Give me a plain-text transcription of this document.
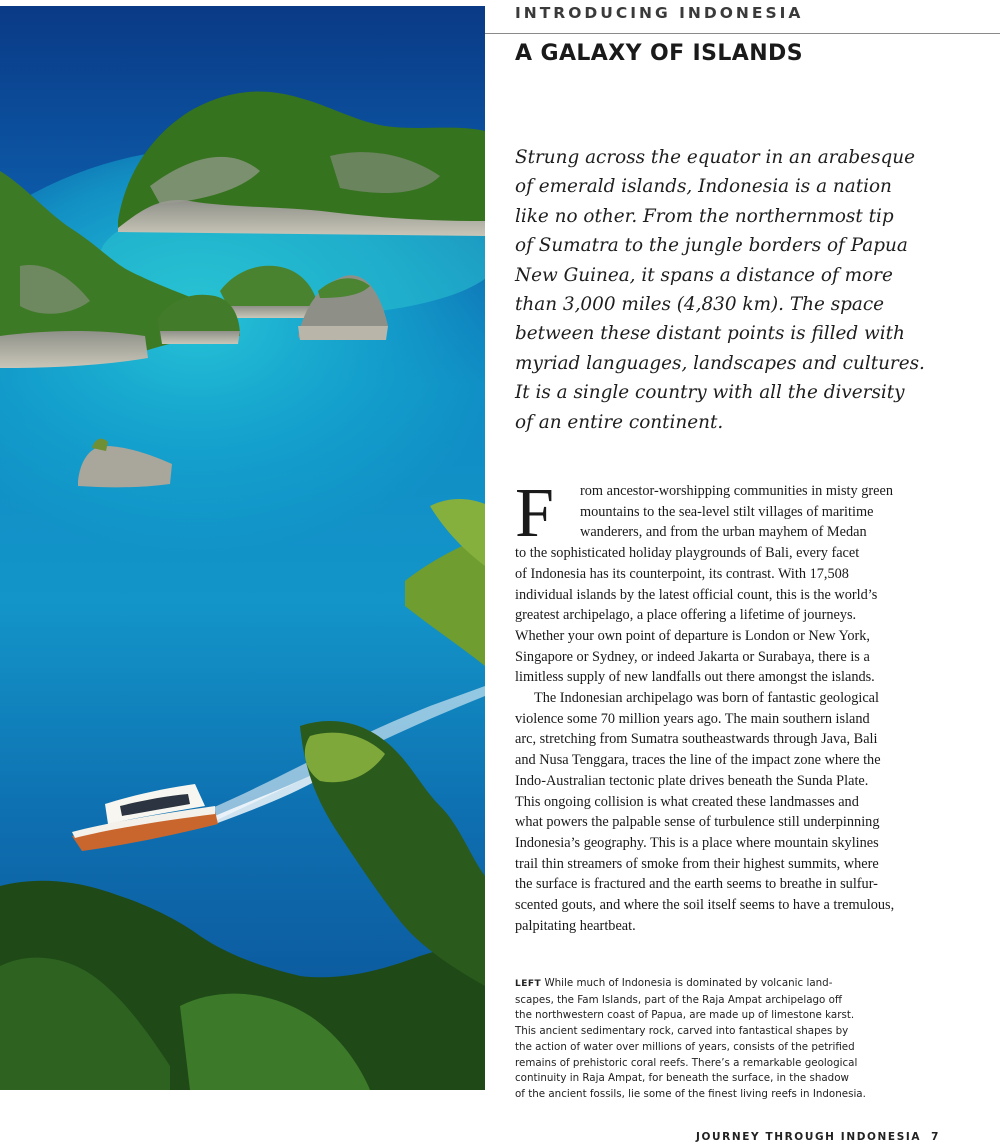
INTRODUCING INDONESIA
A GALAXY OF ISLANDS
Strung across the equator in an arabesque
of emerald islands, Indonesia is a nation
like no other. From the northernmost tip
of Sumatra to the jungle borders of Papua
New Guinea, it spans a distance of more
than 3,000 miles (4,830 km). The space
between these distant points is filled with
myriad languages, landscapes and cultures.
It is a single country with all the diversity
of an entire continent.
F	rom ancestor-worshipping communities in misty green
mountains to the sea-level stilt villages of maritime
wanderers, and from the urban mayhem of Medan
to the sophisticated holiday playgrounds of Bali, every facet
of Indonesia has its counterpoint, its contrast. With 17,508
individual islands by the latest official count, this is the world’s
greatest archipelago, a place offering a lifetime of journeys.
Whether your own point of departure is London or New York,
Singapore or Sydney, or indeed Jakarta or Surabaya, there is a
limitless supply of new landfalls out there amongst the islands.
The Indonesian archipelago was born of fantastic geological
violence some 70 million years ago. The main southern island
arc, stretching from Sumatra southeastwards through Java, Bali
and Nusa Tenggara, traces the line of the impact zone where the
Indo-Australian tectonic plate drives beneath the Sunda Plate.
This ongoing collision is what created these landmasses and
what powers the palpable sense of turbulence still underpinning
Indonesia’s geography. This is a place where mountain skylines
trail thin streamers of smoke from their highest summits, where
the surface is fractured and the earth seems to breathe in sulfur-
scented gouts, and where the soil itself seems to have a tremulous,
palpitating heartbeat.
LEFT While much of Indonesia is dominated by volcanic land-
scapes, the Fam Islands, part of the Raja Ampat archipelago off
the northwestern coast of Papua, are made up of limestone karst.
This ancient sedimentary rock, carved into fantastical shapes by
the action of water over millions of years, consists of the petrified
remains of prehistoric coral reefs. There’s a remarkable geological
continuity in Raja Ampat, for beneath the surface, in the shadow
of the ancient fossils, lie some of the finest living reefs in Indonesia.
JOURNEY THROUGH INDONESIA 7
